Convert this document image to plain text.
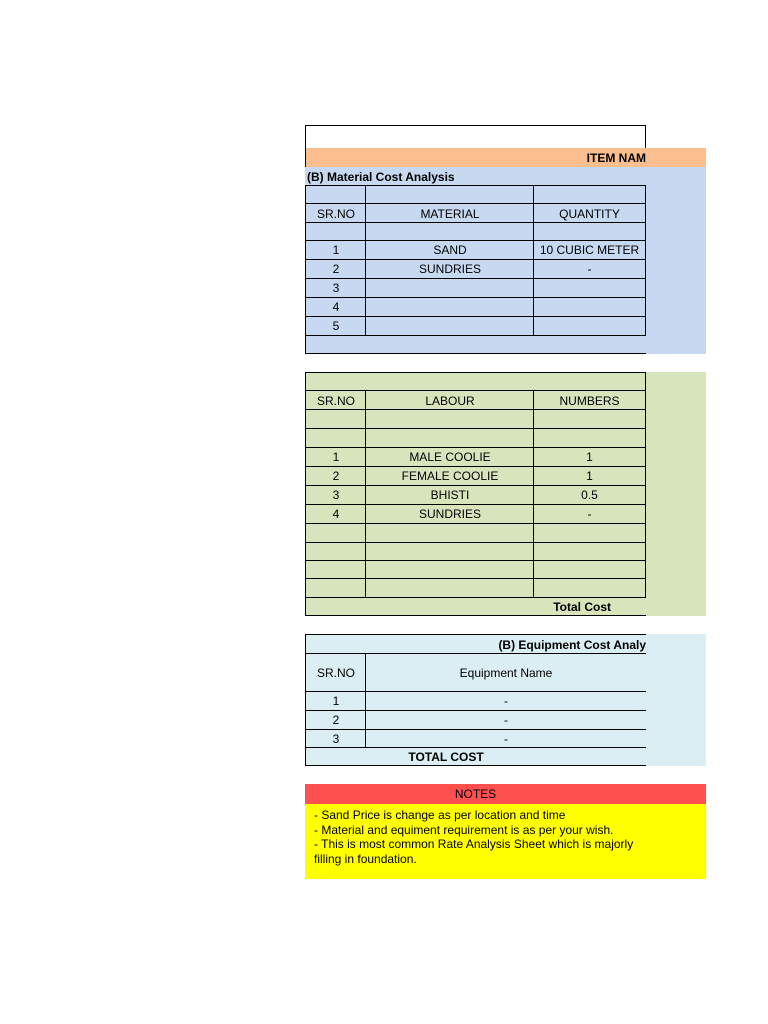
ITEM NAM
(B) Material Cost Analysis
SR.NO	MATERIAL	QUANTITY
1	SAND	10 CUBIC METER
2	SUNDRIES	-
3
4
5
SR.NO	LABOUR	NUMBERS
1	MALE COOLIE	1
2	FEMALE COOLIE	1
3	BHISTI	0.5
4	SUNDRIES	-
Total Cost
(B) Equipment Cost Analy
SR.NO	Equipment Name
1	-
2	-
3	-
TOTAL COST
NOTES
- Sand Price is change as per location and time
- Material and equiment requirement is as per your wish.
- This is most common Rate Analysis Sheet which is majorly
filling in foundation.
